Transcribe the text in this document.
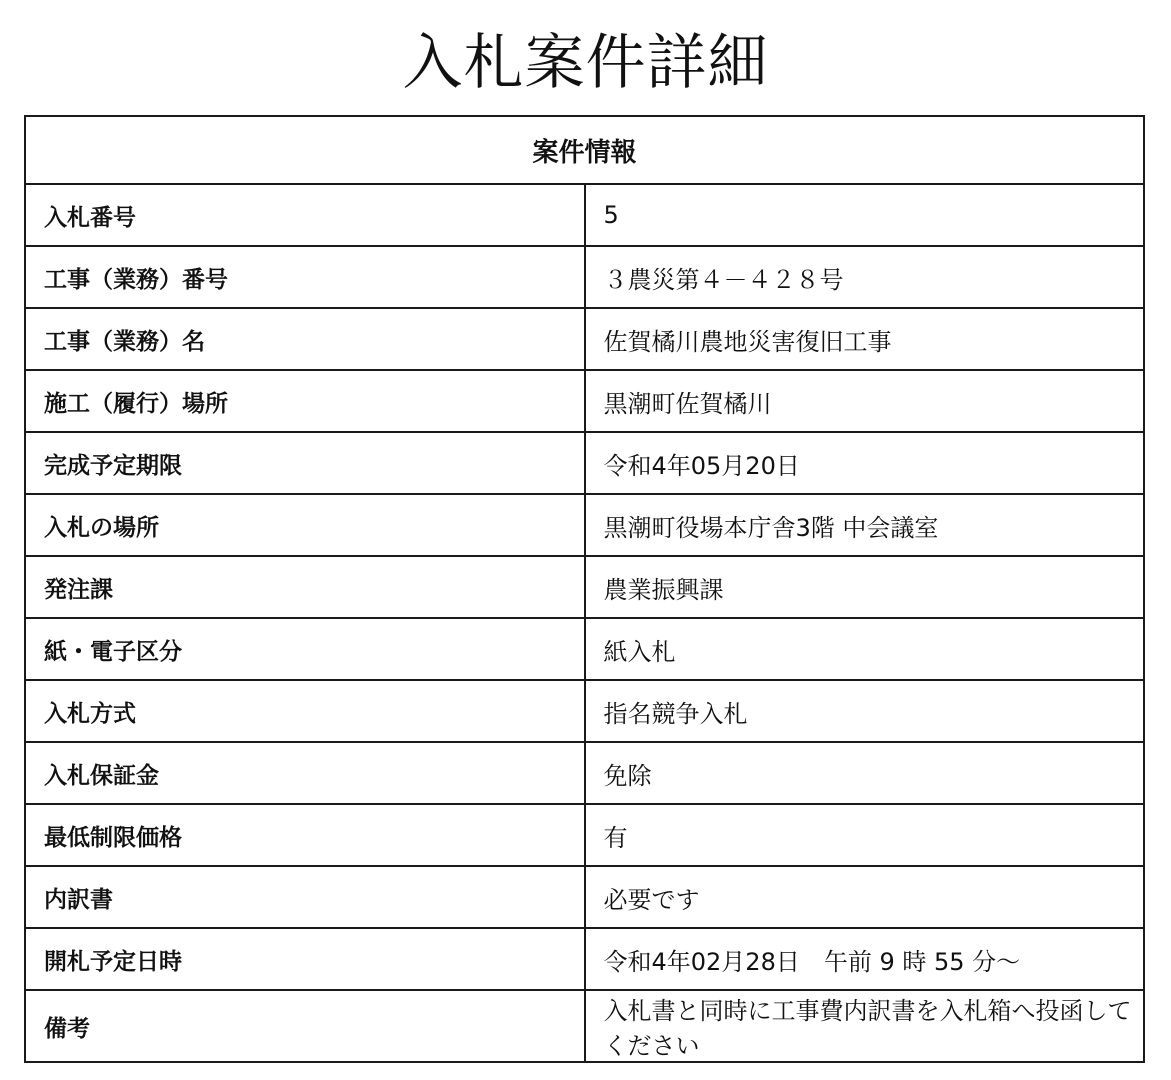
入札案件詳細
案件情報	
入札番号	5
工事（業務）番号	３農災第４－４２８号
工事（業務）名	佐賀橘川農地災害復旧工事
施工（履行）場所	黒潮町佐賀橘川
完成予定期限	令和4年05月20日
入札の場所	黒潮町役場本庁舎3階 中会議室
発注課	農業振興課
紙・電子区分	紙入札
入札方式	指名競争入札
入札保証金	免除
最低制限価格	有
内訳書	必要です
開札予定日時	令和4年02月28日　午前 9 時 55 分～
備考	入札書と同時に工事費内訳書を入札箱へ投函してください
